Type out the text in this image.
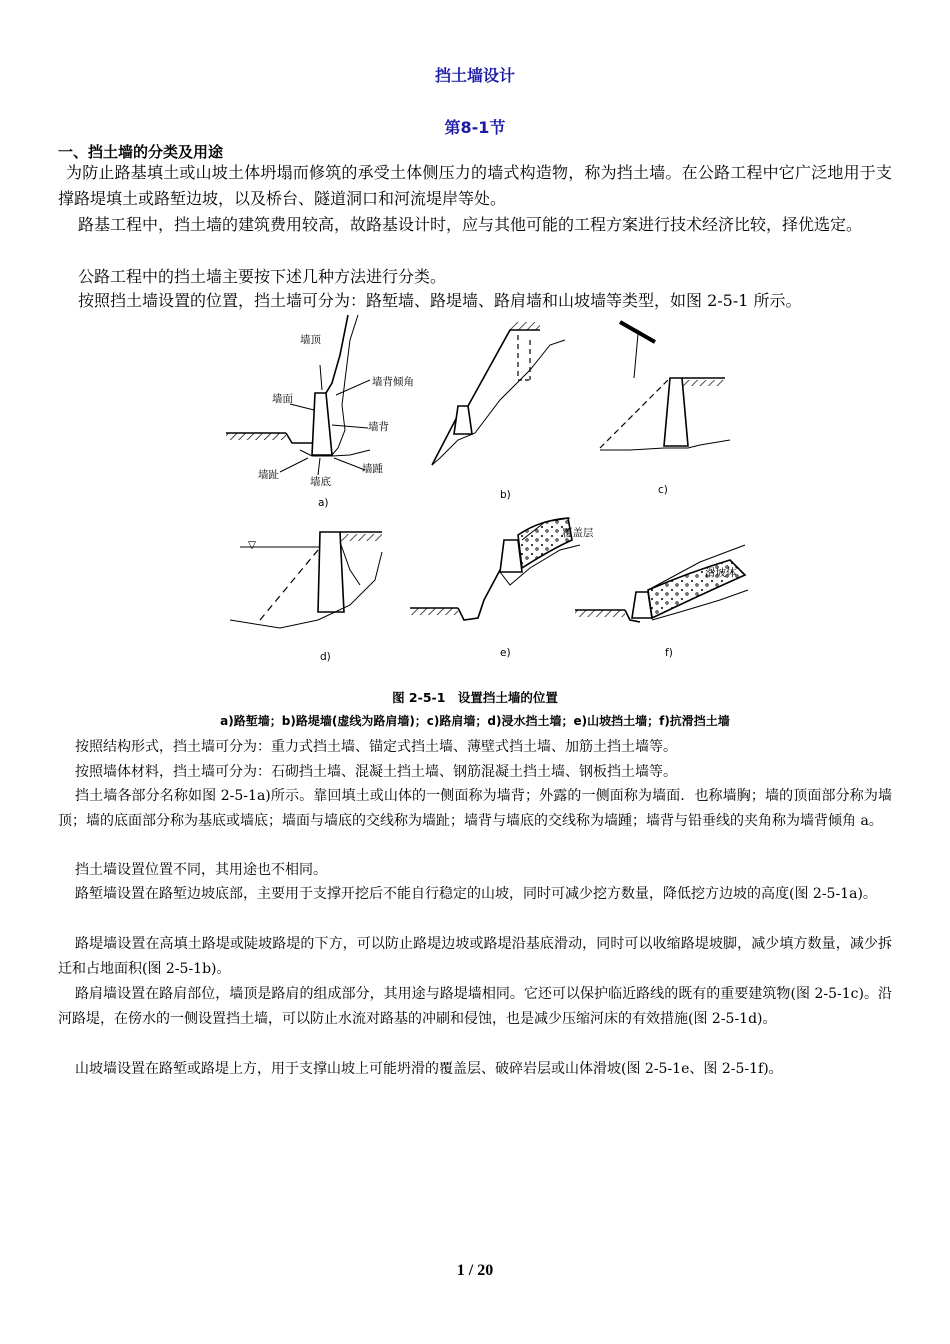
挡土墙设计
第8-1节
一、挡土墙的分类及用途

为防止路基填土或山坡土体坍塌而修筑的承受土体侧压力的墙式构造物，称为挡土墙。在公路工程中它广泛地用于支撑路堤填土或路堑边坡，以及桥台、隧道洞口和河流堤岸等处。

路基工程中，挡土墙的建筑费用较高，故路基设计时，应与其他可能的工程方案进行技术经济比较，择优选定。

公路工程中的挡土墙主要按下述几种方法进行分类。

按照挡土墙设置的位置，挡土墙可分为：路堑墙、路堤墙、路肩墙和山坡墙等类型，如图 2-5-1 所示。

墙顶
墙背倾角
墙面
墙背
墙趾	墙踵
墙底
覆盖层
滑坡体
▽
a)
b)	c)
d)	e)	f)
图 2-5-1　设置挡土墙的位置
a)路堑墙；b)路堤墙(虚线为路肩墙)；c)路肩墙；d)浸水挡土墙；e)山坡挡土墙；f)抗滑挡土墙

按照结构形式，挡土墙可分为：重力式挡土墙、锚定式挡土墙、薄壁式挡土墙、加筋土挡土墙等。

按照墙体材料，挡土墙可分为：石砌挡土墙、混凝土挡土墙、钢筋混凝土挡土墙、钢板挡土墙等。

挡土墙各部分名称如图 2-5-1a)所示。靠回填土或山体的一侧面称为墙背；外露的一侧面称为墙面．也称墙胸；墙的顶面部分称为墙顶；墙的底面部分称为基底或墙底；墙面与墙底的交线称为墙趾；墙背与墙底的交线称为墙踵；墙背与铅垂线的夹角称为墙背倾角 a。

挡土墙设置位置不同，其用途也不相同。

路堑墙设置在路堑边坡底部，主要用于支撑开挖后不能自行稳定的山坡，同时可减少挖方数量，降低挖方边坡的高度(图 2-5-1a)。

路堤墙设置在高填土路堤或陡坡路堤的下方，可以防止路堤边坡或路堤沿基底滑动，同时可以收缩路堤坡脚，减少填方数量，减少拆迁和占地面积(图 2-5-1b)。

路肩墙设置在路肩部位，墙顶是路肩的组成部分，其用途与路堤墙相同。它还可以保护临近路线的既有的重要建筑物(图 2-5-1c)。沿河路堤，在傍水的一侧设置挡土墙，可以防止水流对路基的冲刷和侵蚀，也是减少压缩河床的有效措施(图 2-5-1d)。

山坡墙设置在路堑或路堤上方，用于支撑山坡上可能坍滑的覆盖层、破碎岩层或山体滑坡(图 2-5-1e、图 2-5-1f)。

1 / 20
